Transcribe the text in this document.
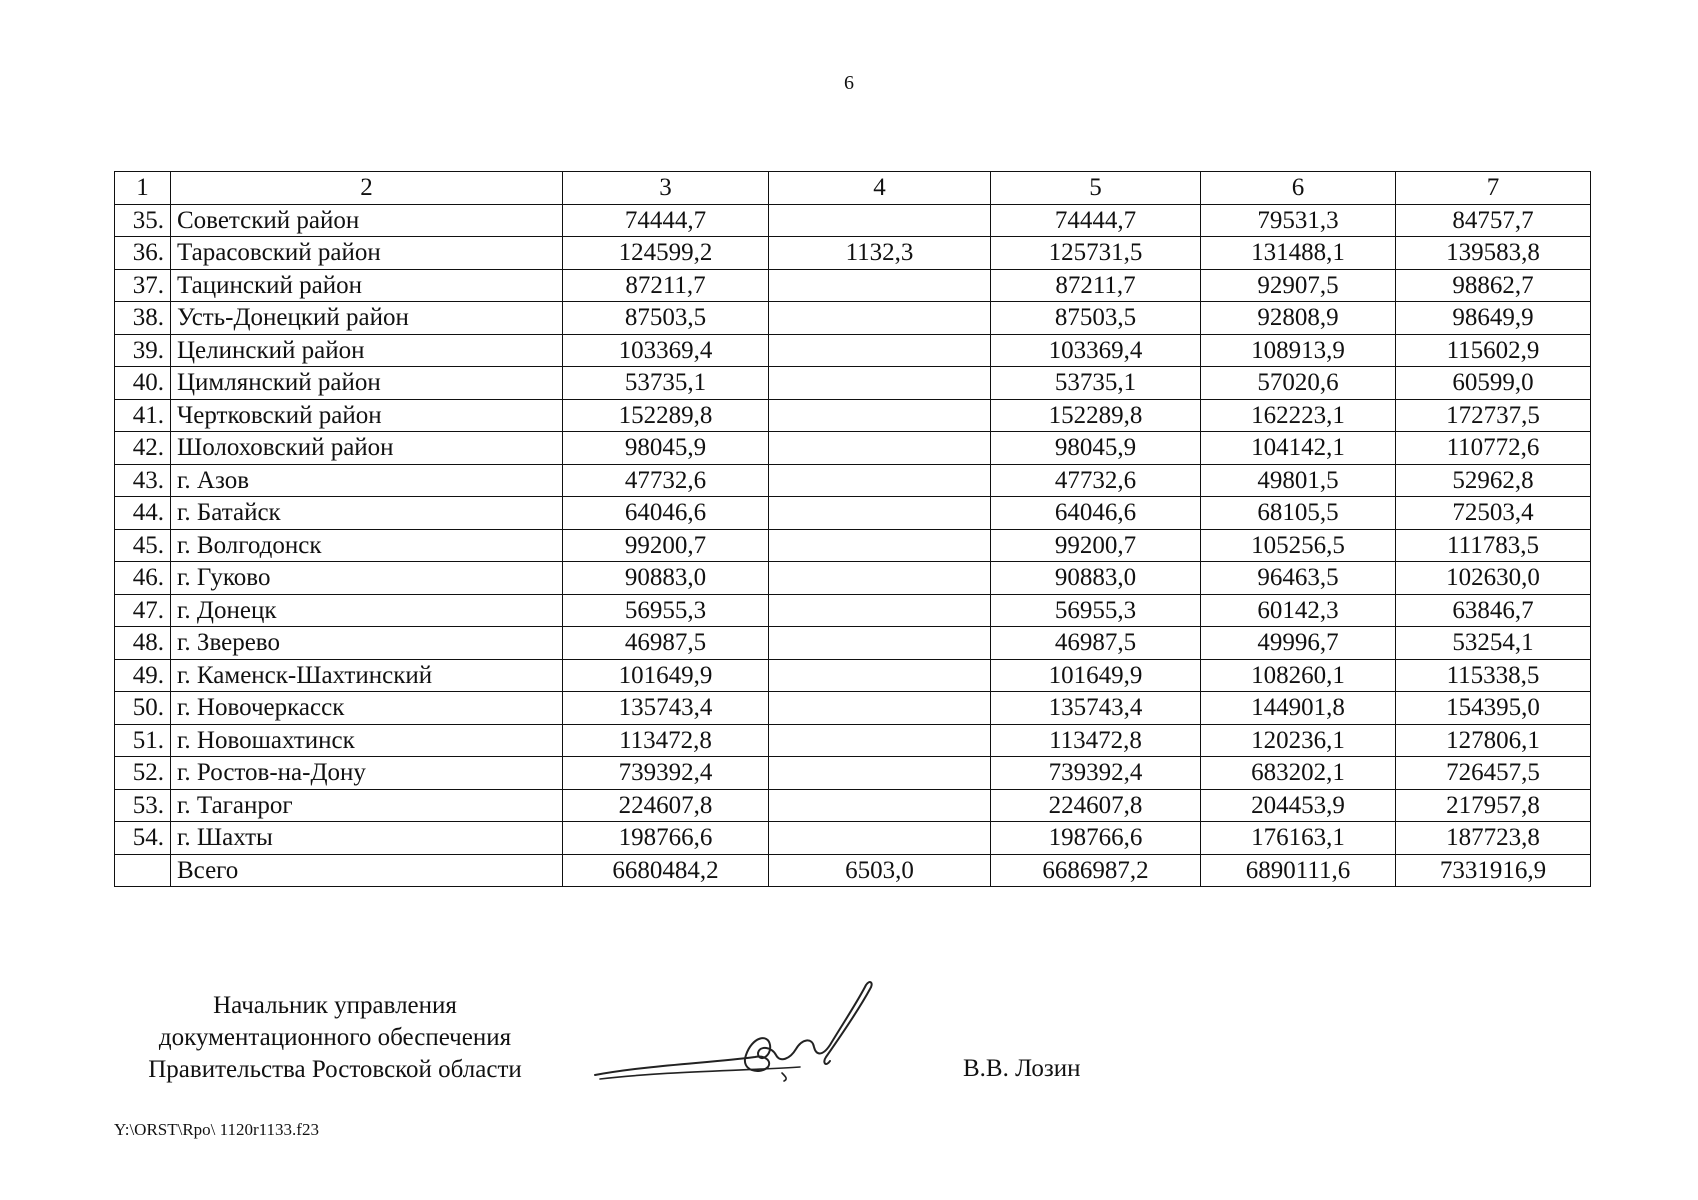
6
1	2	3	4	5	6	7
35.	Советский район	74444,7		74444,7	79531,3	84757,7
36.	Тарасовский район	124599,2	1132,3	125731,5	131488,1	139583,8
37.	Тацинский район	87211,7		87211,7	92907,5	98862,7
38.	Усть-Донецкий район	87503,5		87503,5	92808,9	98649,9
39.	Целинский район	103369,4		103369,4	108913,9	115602,9
40.	Цимлянский район	53735,1		53735,1	57020,6	60599,0
41.	Чертковский район	152289,8		152289,8	162223,1	172737,5
42.	Шолоховский район	98045,9		98045,9	104142,1	110772,6
43.	г. Азов	47732,6		47732,6	49801,5	52962,8
44.	г. Батайск	64046,6		64046,6	68105,5	72503,4
45.	г. Волгодонск	99200,7		99200,7	105256,5	111783,5
46.	г. Гуково	90883,0		90883,0	96463,5	102630,0
47.	г. Донецк	56955,3		56955,3	60142,3	63846,7
48.	г. Зверево	46987,5		46987,5	49996,7	53254,1
49.	г. Каменск-Шахтинский	101649,9		101649,9	108260,1	115338,5
50.	г. Новочеркасск	135743,4		135743,4	144901,8	154395,0
51.	г. Новошахтинск	113472,8		113472,8	120236,1	127806,1
52.	г. Ростов-на-Дону	739392,4		739392,4	683202,1	726457,5
53.	г. Таганрог	224607,8		224607,8	204453,9	217957,8
54.	г. Шахты	198766,6		198766,6	176163,1	187723,8
	Всего	6680484,2	6503,0	6686987,2	6890111,6	7331916,9
Начальник управления
документационного обеспечения
Правительства Ростовской области	В.В. Лозин
Y:\ORST\Rpo\ 1120r1133.f23
